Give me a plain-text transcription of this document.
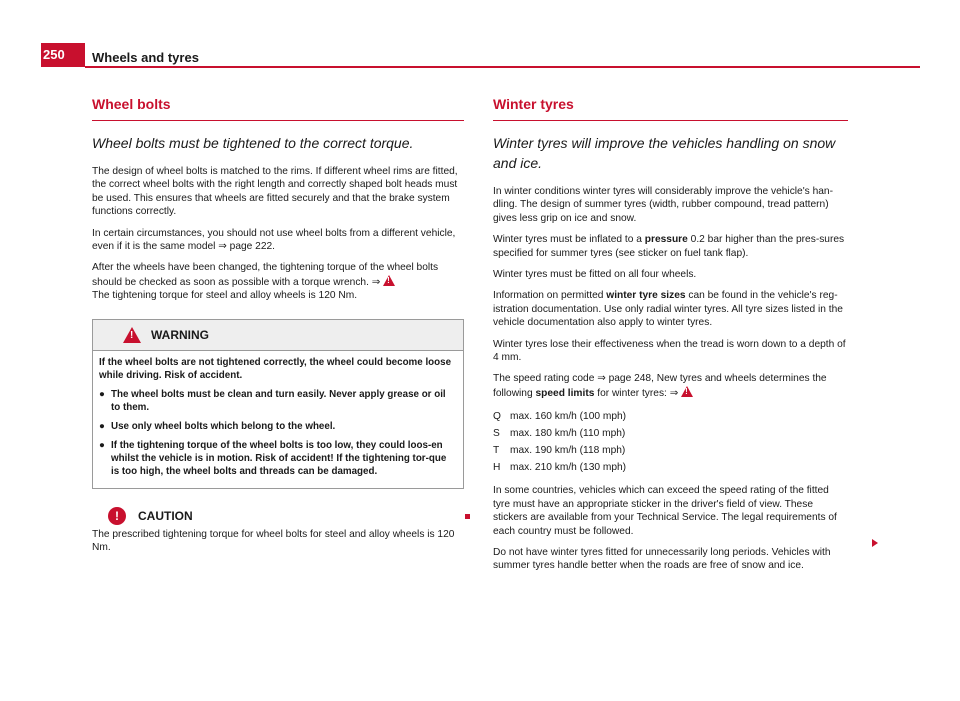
250	Wheels and tyres
Wheel bolts
Wheel bolts must be tightened to the correct torque.

The design of wheel bolts is matched to the rims. If different wheel rims are fitted, the correct wheel bolts with the right length and correctly shaped bolt heads must be used. This ensures that wheels are fitted securely and that the brake system functions correctly.

In certain circumstances, you should not use wheel bolts from a different vehicle, even if it is the same model ⇒ page 222.

After the wheels have been changed, the tightening torque of the wheel bolts should be checked as soon as possible with a torque wrench. ⇒ !
The tightening torque for steel and alloy wheels is 120 Nm.

!
WARNING

If the wheel bolts are not tightened correctly, the wheel could become loose while driving. Risk of accident.

● The wheel bolts must be clean and turn easily. Never apply grease or oil to them.

● Use only wheel bolts which belong to the wheel.

● If the tightening torque of the wheel bolts is too low, they could loos-en whilst the vehicle is in motion. Risk of accident! If the tightening tor-que is too high, the wheel bolts and threads can be damaged.

!	CAUTION

The prescribed tightening torque for wheel bolts for steel and alloy wheels is 120 Nm.

Winter tyres
Winter tyres will improve the vehicles handling on snow and ice.

In winter conditions winter tyres will considerably improve the vehicle's han-dling. The design of summer tyres (width, rubber compound, tread pattern) gives less grip on ice and snow.

Winter tyres must be inflated to a pressure 0.2 bar higher than the pres-sures specified for summer tyres (see sticker on fuel tank flap).

Winter tyres must be fitted on all four wheels.

Information on permitted winter tyre sizes can be found in the vehicle's reg-istration documentation. Use only radial winter tyres. All tyre sizes listed in the vehicle documentation also apply to winter tyres.

Winter tyres lose their effectiveness when the tread is worn down to a depth of 4 mm.

The speed rating code ⇒ page 248, New tyres and wheels determines the following speed limits for winter tyres: ⇒ !

Q max. 160 km/h (100 mph)
S	max. 180 km/h (110 mph)
T	max. 190 km/h (118 mph)
H max. 210 km/h (130 mph)

In some countries, vehicles which can exceed the speed rating of the fitted tyre must have an appropriate sticker in the driver's field of view. These stickers are available from your Technical Service. The legal requirements of each country must be followed.

Do not have winter tyres fitted for unnecessarily long periods. Vehicles with summer tyres handle better when the roads are free of snow and ice.
